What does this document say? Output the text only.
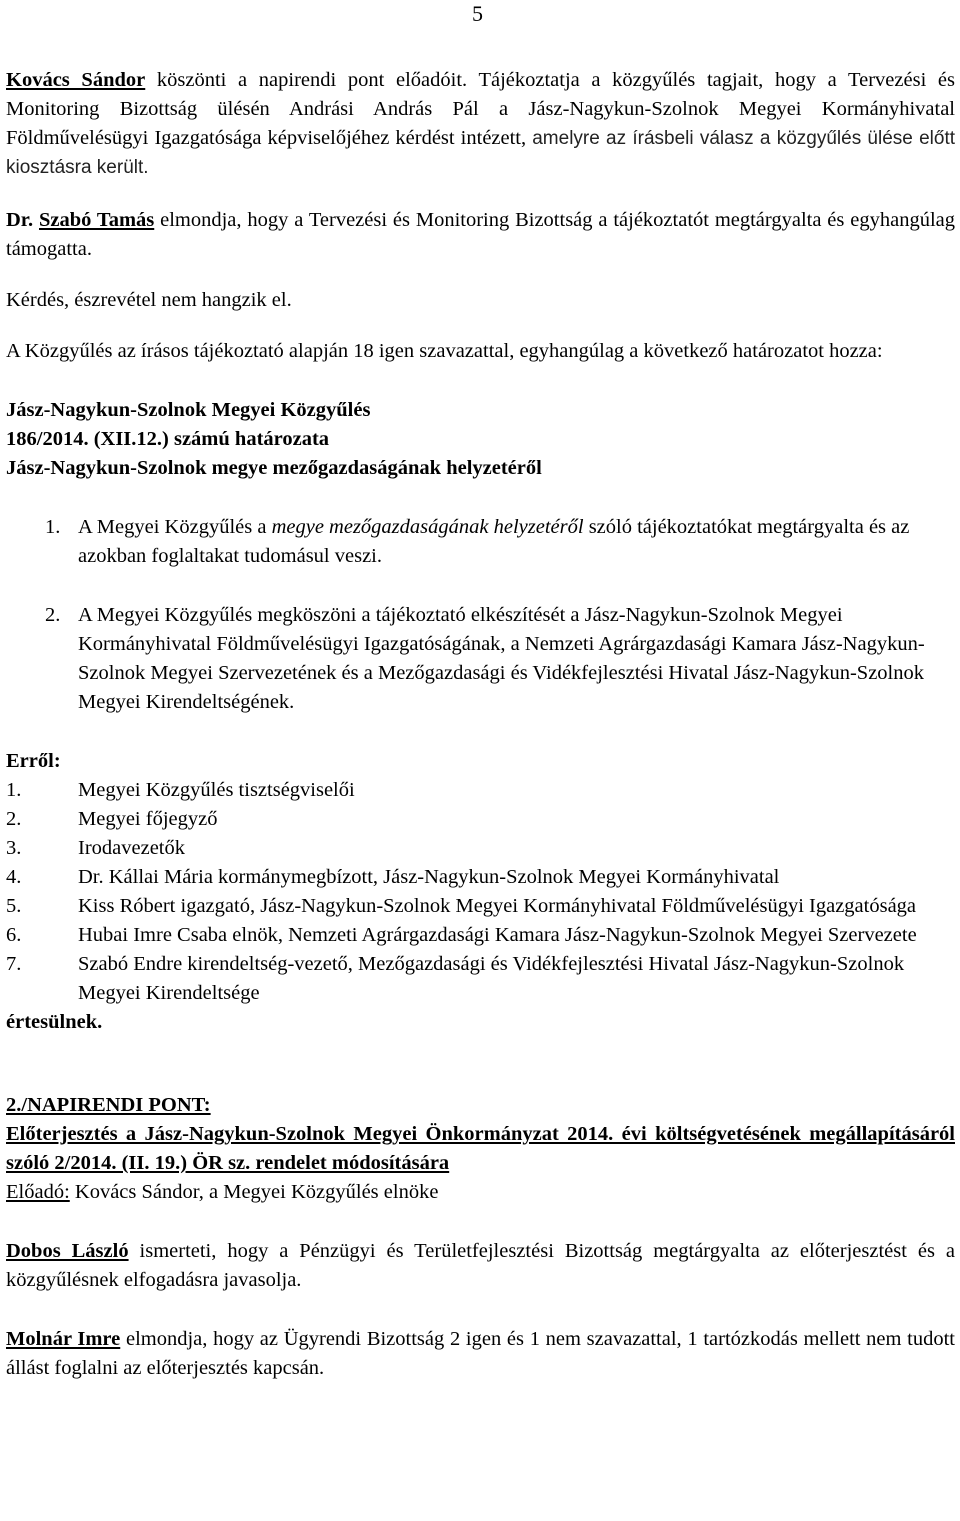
5

Kovács Sándor köszönti a napirendi pont előadóit. Tájékoztatja a közgyűlés tagjait, hogy a Tervezési és Monitoring Bizottság ülésén Andrási András Pál a Jász-Nagykun-Szolnok Megyei Kormányhivatal Földművelésügyi Igazgatósága képviselőjéhez kérdést intézett, amelyre az írásbeli válasz a közgyűlés ülése előtt kiosztásra került.

Dr. Szabó Tamás elmondja, hogy a Tervezési és Monitoring Bizottság a tájékoztatót megtárgyalta és egyhangúlag támogatta.

Kérdés, észrevétel nem hangzik el.

A Közgyűlés az írásos tájékoztató alapján 18 igen szavazattal, egyhangúlag a következő határozatot hozza:

Jász-Nagykun-Szolnok Megyei Közgyűlés
186/2014. (XII.12.) számú határozata
Jász-Nagykun-Szolnok megye mezőgazdaságának helyzetéről
1. A Megyei Közgyűlés a megye mezőgazdaságának helyzetéről szóló tájékoztatókat megtárgyalta és az azokban foglaltakat tudomásul veszi.
2. A Megyei Közgyűlés megköszöni a tájékoztató elkészítését a Jász-Nagykun-Szolnok Megyei Kormányhivatal Földművelésügyi Igazgatóságának, a Nemzeti Agrárgazdasági Kamara Jász-Nagykun-Szolnok Megyei Szervezetének és a Mezőgazdasági és Vidékfejlesztési Hivatal Jász-Nagykun-Szolnok Megyei Kirendeltségének.
Erről:
1.	Megyei Közgyűlés tisztségviselői
2.	Megyei főjegyző
3.	Irodavezetők
4.	Dr. Kállai Mária kormánymegbízott, Jász-Nagykun-Szolnok Megyei Kormányhivatal
5.	Kiss Róbert igazgató, Jász-Nagykun-Szolnok Megyei Kormányhivatal Földművelésügyi Igazgatósága
6.	Hubai Imre Csaba elnök, Nemzeti Agrárgazdasági Kamara Jász-Nagykun-Szolnok Megyei Szervezete
7.	Szabó Endre kirendeltség-vezető, Mezőgazdasági és Vidékfejlesztési Hivatal Jász-Nagykun-Szolnok Megyei Kirendeltsége
értesülnek.
2./NAPIRENDI PONT:

Előterjesztés a Jász-Nagykun-Szolnok Megyei Önkormányzat 2014. évi költségvetésének megállapításáról szóló 2/2014. (II. 19.) ÖR sz. rendelet módosítására

Előadó: Kovács Sándor, a Megyei Közgyűlés elnöke

Dobos László ismerteti, hogy a Pénzügyi és Területfejlesztési Bizottság megtárgyalta az előterjesztést és a közgyűlésnek elfogadásra javasolja.

Molnár Imre elmondja, hogy az Ügyrendi Bizottság 2 igen és 1 nem szavazattal, 1 tartózkodás mellett nem tudott állást foglalni az előterjesztés kapcsán.
